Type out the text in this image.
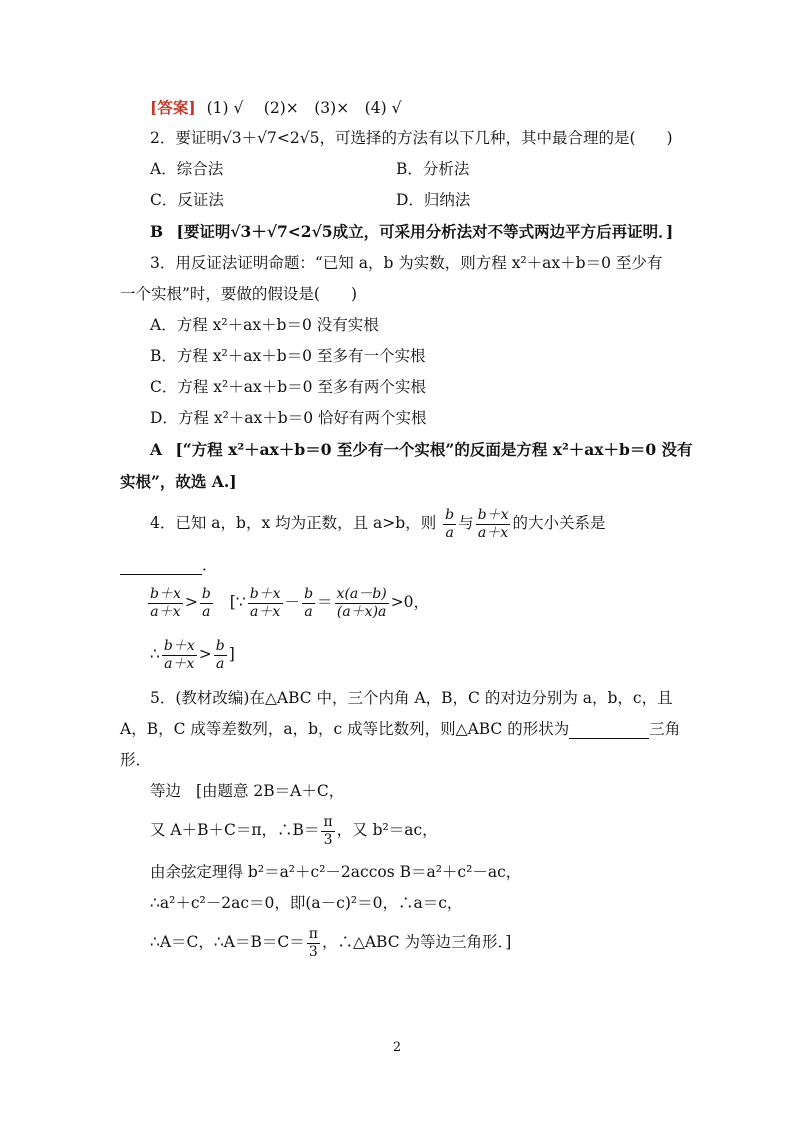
[答案] (1) √　 (2)×　(3)×　(4) √
2．要证明√3＋√7<2√5，可选择的方法有以下几种，其中最合理的是(　　)
A．综合法	B．分析法
C．反证法	D．归纳法
B [要证明√3＋√7<2√5成立，可采用分析法对不等式两边平方后再证明．]
3．用反证法证明命题：“已知 a，b 为实数，则方程 x²＋ax＋b＝0 至少有
一个实根”时，要做的假设是(　　)
A．方程 x²＋ax＋b＝0 没有实根
B．方程 x²＋ax＋b＝0 至多有一个实根
C．方程 x²＋ax＋b＝0 至多有两个实根
D．方程 x²＋ax＋b＝0 恰好有两个实根
A [“方程 x²＋ax＋b＝0 至少有一个实根”的反面是方程 x²＋ax＋b＝0 没有
实根”，故选 A.]
4．已知 a，b，x 均为正数，且 a>b，则 $\frac{b}{a}$ 与 $\frac{b+x}{a+x}$ 的大小关系是
．
$\frac{b+x}{a+x} > \frac{b}{a}$ [∵ $\frac{b+x}{a+x} - \frac{b}{a} = \frac{x(a-b)}{(a+x)a} >0$，
∴ $\frac{b+x}{a+x} > \frac{b}{a}$ ]
5．(教材改编)在△ABC 中，三个内角 A，B，C 的对边分别为 a，b，c，且
A，B，C 成等差数列，a，b，c 成等比数列，则△ABC 的形状为	三角
形．
等边 [由题意 2B＝A＋C，
又 A＋B＋C＝π，∴B＝ $\frac{\pi}{3}$ ，又 b²＝ac，
由余弦定理得 b²＝a²＋c²－2accos B＝a²＋c²－ac，
∴a²＋c²－2ac＝0，即(a－c)²＝0，∴a＝c，
∴A＝C，∴A＝B＝C＝ $\frac{\pi}{3}$ ，∴△ABC 为等边三角形．]
2
